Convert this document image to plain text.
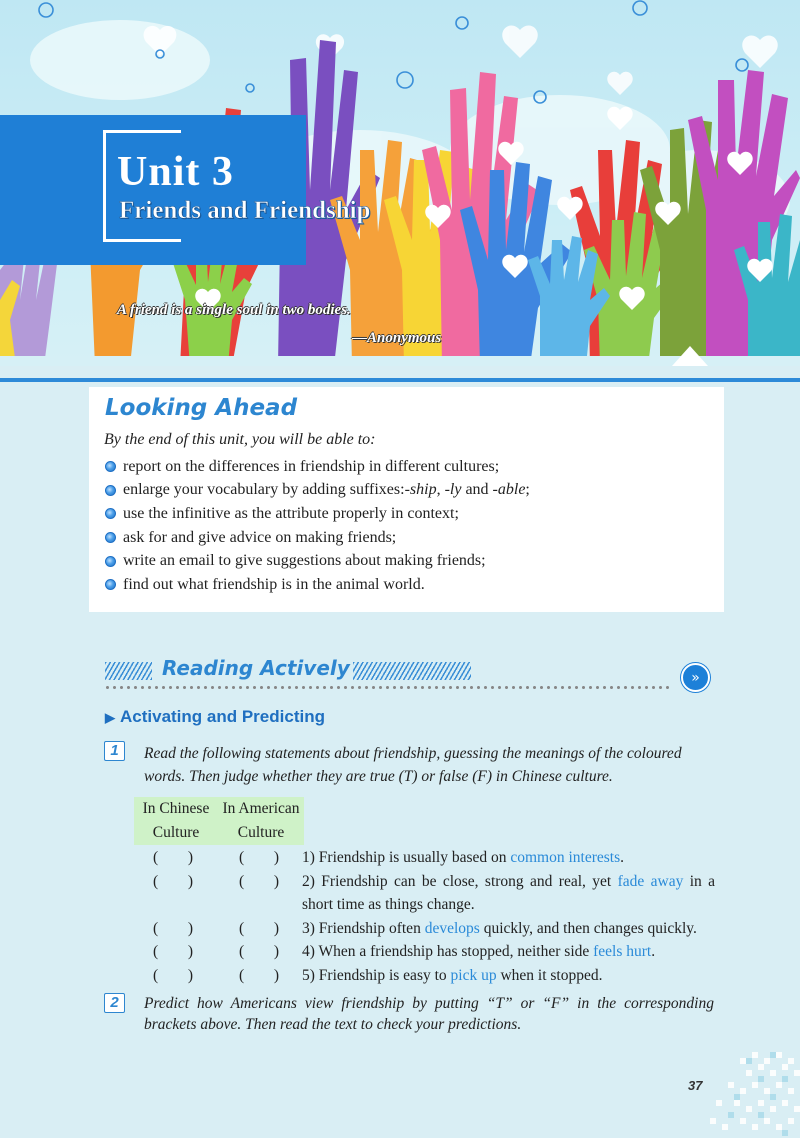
Unit 3
Friends and Friendship
A friend is a single soul in two bodies.
—Anonymous
Looking Ahead
By the end of this unit, you will be able to:
report on the differences in friendship in different cultures;
enlarge your vocabulary by adding suffixes: -ship , -ly and -able ;
use the infinitive as the attribute properly in context;
ask for and give advice on making friends;
write an email to give suggestions about making friends;
find out what friendship is in the animal world.
Reading Actively	»
▶ Activating and Predicting
1	Read the following statements about friendship, guessing the meanings of the coloured words. Then judge whether they are true (T) or false (F) in Chinese culture.
In Chinese Culture
In American Culture
( )	( ) 1) Friendship is usually based on common interests.
( )	( ) 2) Friendship can be close, strong and real, yet fade away in a short time as things change.
( )	( ) 3) Friendship often develops quickly, and then changes quickly.
( )	( ) 4) When a friendship has stopped, neither side feels hurt.
( )	( ) 5) Friendship is easy to pick up when it stopped.
2	Predict how Americans view friendship by putting “T” or “F” in the corresponding brackets above. Then read the text to check your predictions.
37
